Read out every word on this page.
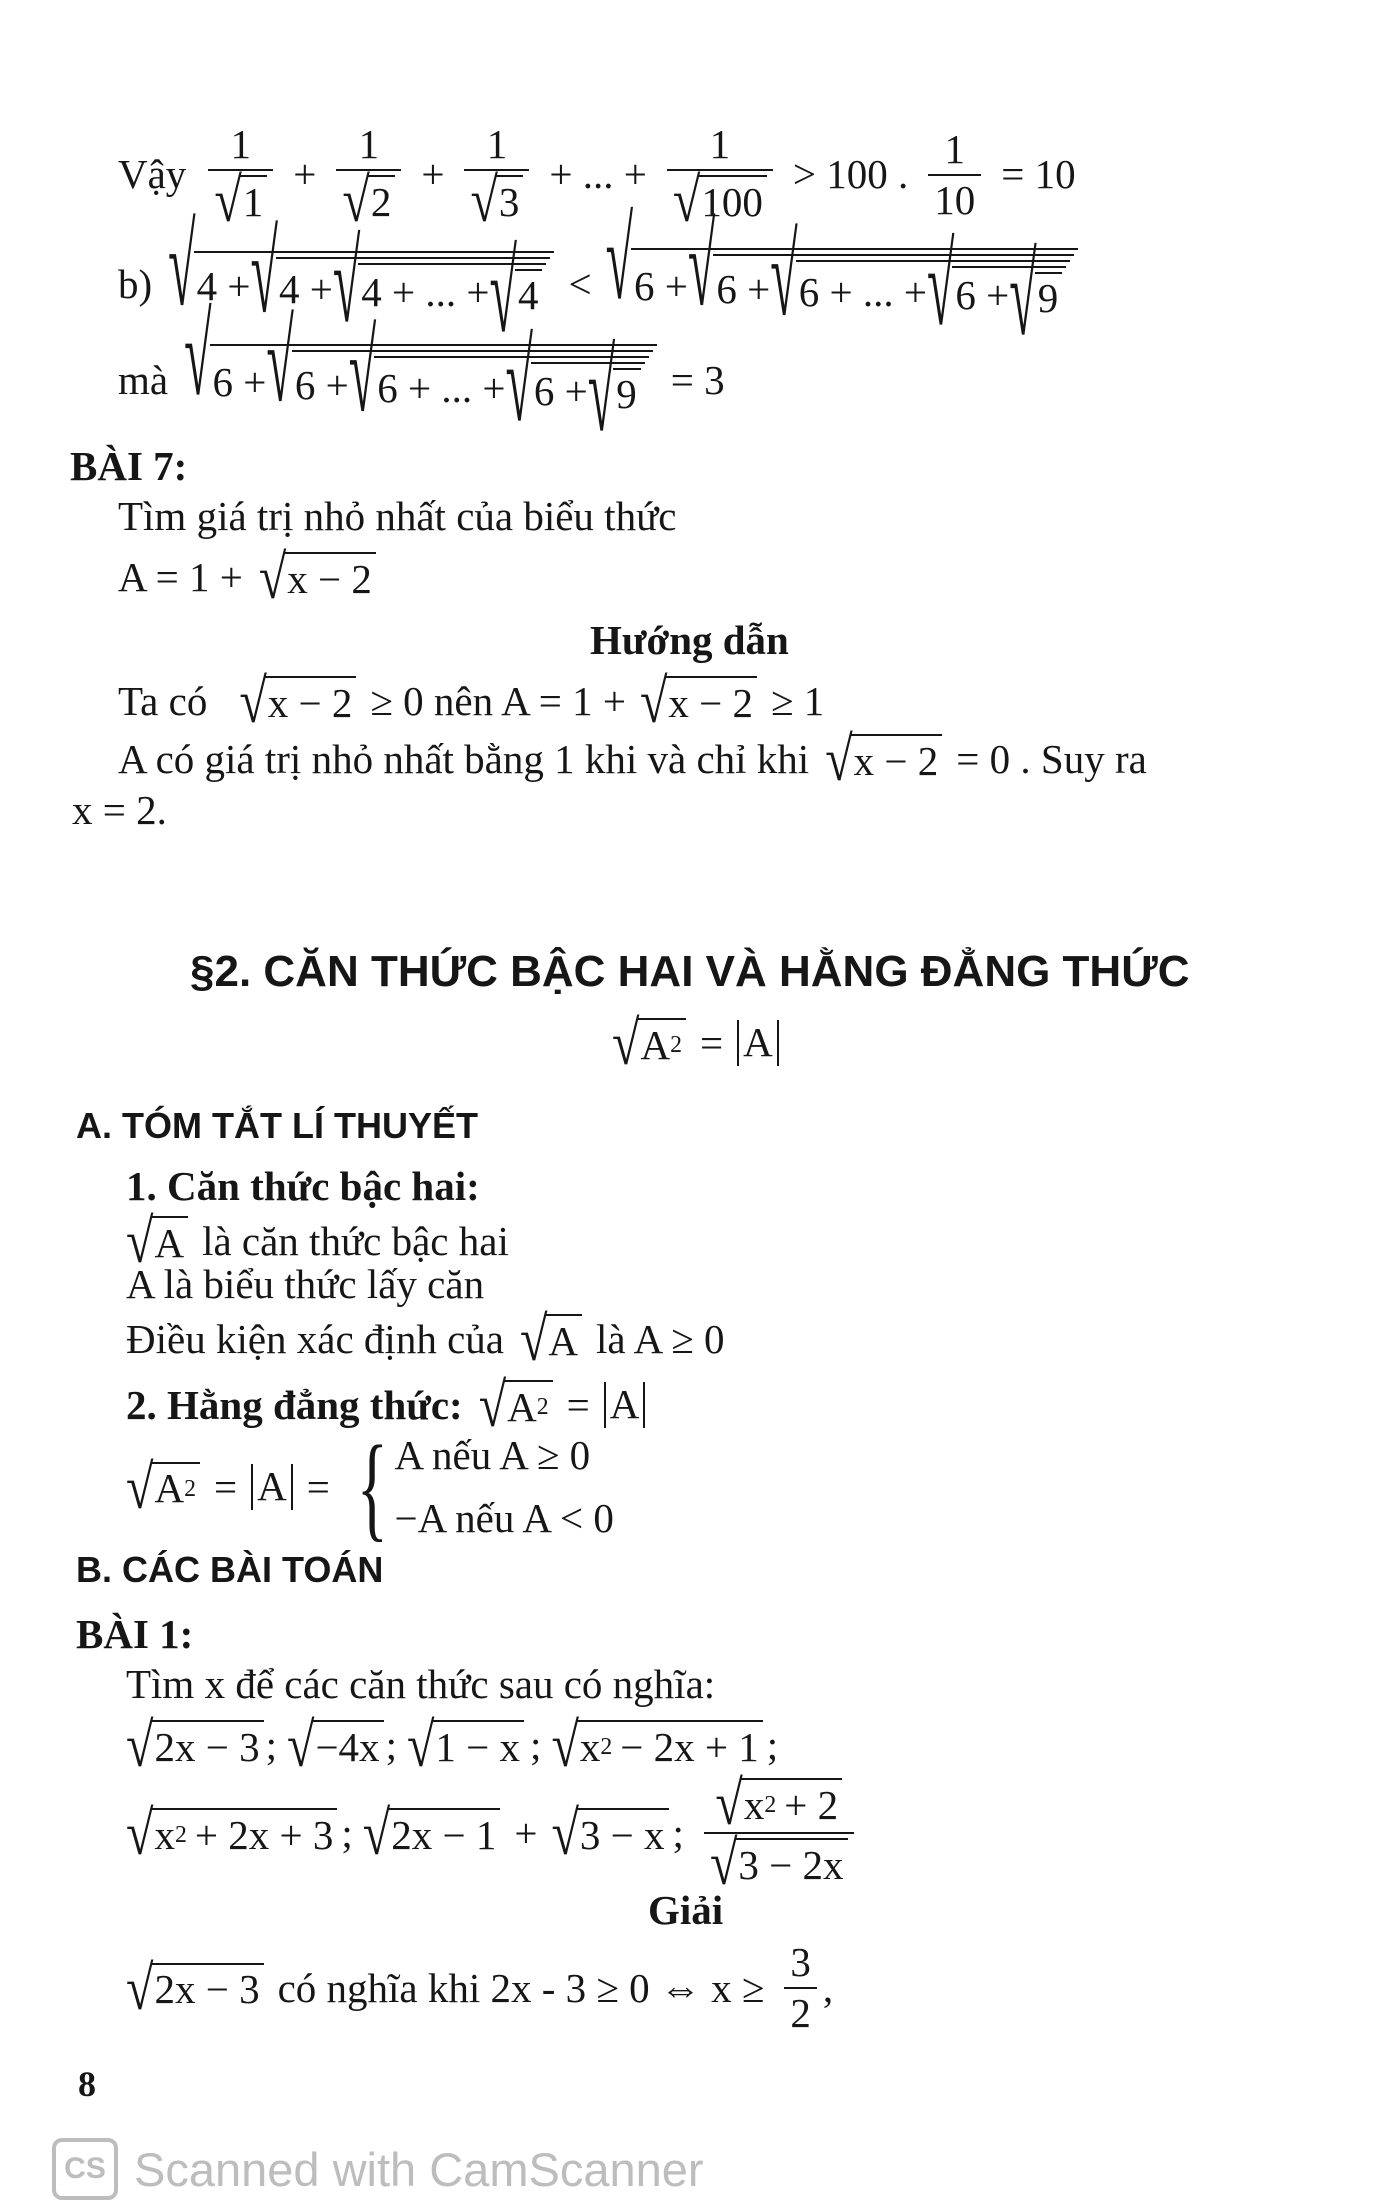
Vậy $\frac{1}{√ 1} + \frac{1}{√ 2} + \frac{1}{√ 3}$ + ... + $\frac{1}{√ 100} > 100$ . $\frac{1}{10} = 10$
b) √ 4 + √ 4 + √ 4 + ... + √ 4 < √ 6 + √ 6 + √ 6 + ... + √ 6 + √ 9
mà √ 6 + √ 6 + √ 6 + ... + √ 6 + √ 9 = 3
BÀI 7:
Tìm giá trị nhỏ nhất của biểu thức
A = 1 + √ x − 2
Hướng dẫn
Ta có √ x − 2 ≥ 0 nên A = 1 + √ x − 2 ≥ 1
A có giá trị nhỏ nhất bằng 1 khi và chỉ khi √ x − 2 = 0 . Suy ra
x = 2.
§2. CĂN THỨC BẬC HAI VÀ HẰNG ĐẲNG THỨC
√ A 2 = A
A. TÓM TẮT LÍ THUYẾT
1. Căn thức bậc hai:
√ A là căn thức bậc hai
A là biểu thức lấy căn
Điều kiện xác định của √ A là A ≥ 0
2. Hằng đẳng thức: √ A 2 = A
√ A 2 = A = { A nếu A ≥ 0
−A nếu A < 0
B. CÁC BÀI TOÁN
BÀI 1:
Tìm x để các căn thức sau có nghĩa:
√ 2x − 3 ; √ −4x ; √ 1 − x ; √ x 2 − 2x + 1 ;
√ x 2 + 2x + 3 ; √ 2x − 1 + √ 3 − x ; $\frac{√ x 2 + 2}{√ 3 - 2x}$
Giải
√ 2x − 3 có nghĩa khi 2x - 3 ≥ 0 ⇔ $x \ge \frac{3}{2}$ ,
8
CS Scanned with CamScanner
